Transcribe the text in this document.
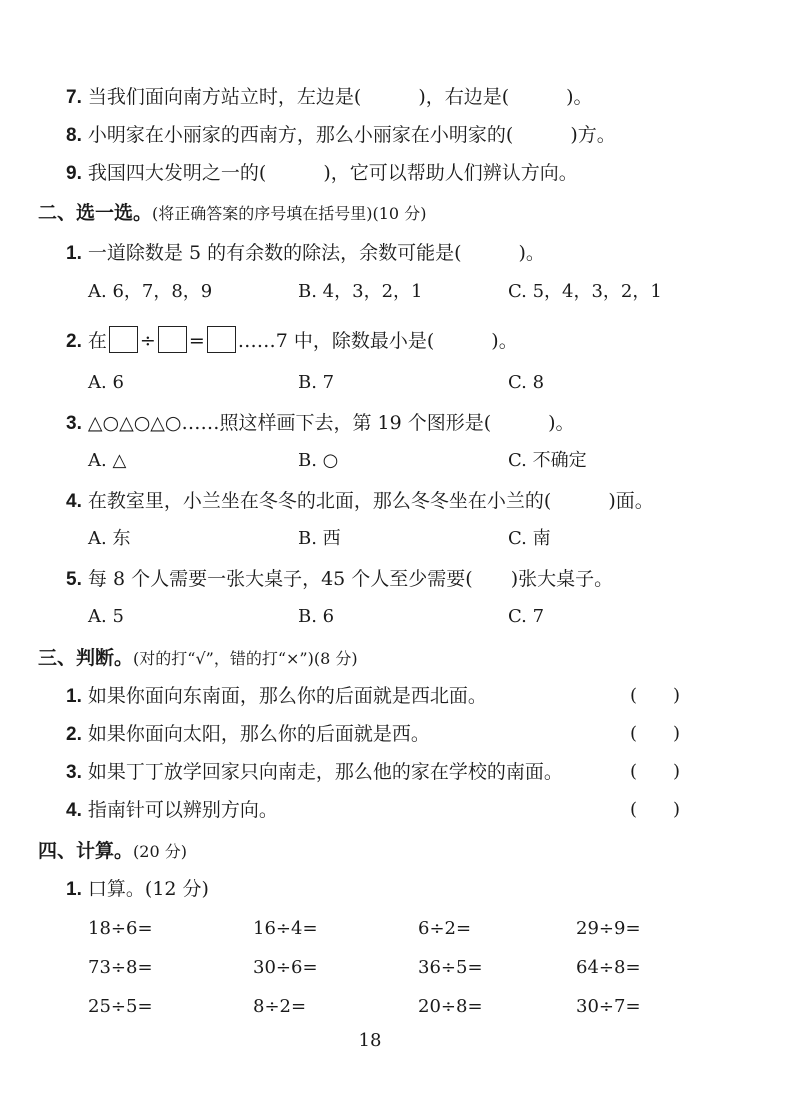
7. 当我们面向南方站立时，左边是(　　　)，右边是(　　　)。
8. 小明家在小丽家的西南方，那么小丽家在小明家的(　　　)方。
9. 我国四大发明之一的(　　　)，它可以帮助人们辨认方向。
二、选一选。(将正确答案的序号填在括号里)(10 分)
1. 一道除数是 5 的有余数的除法，余数可能是(　　　)。
A. 6，7，8，9	B. 4，3，2，1	C. 5，4，3，2，1
2. 在 ÷ = ……7 中，除数最小是(　　　)。
A. 6	B. 7	C. 8
3. △○△○△○……照这样画下去，第 19 个图形是(　　　)。
A. △	B. ○	C. 不确定
4. 在教室里，小兰坐在冬冬的北面，那么冬冬坐在小兰的(　　　)面。
A. 东	B. 西	C. 南
5. 每 8 个人需要一张大桌子，45 个人至少需要(　　)张大桌子。
A. 5	B. 6	C. 7
三、判断。(对的打“√”，错的打“×”)(8 分)
1. 如果你面向东南面，那么你的后面就是西北面。	(　　)
2. 如果你面向太阳，那么你的后面就是西。	(　　)
3. 如果丁丁放学回家只向南走，那么他的家在学校的南面。	(　　)
4. 指南针可以辨别方向。	(　　)
四、计算。(20 分)
1. 口算。(12 分)
18÷6=	16÷4=	6÷2=	29÷9=
73÷8=	30÷6=	36÷5=	64÷8=
25÷5=	8÷2=	20÷8=	30÷7=
18
